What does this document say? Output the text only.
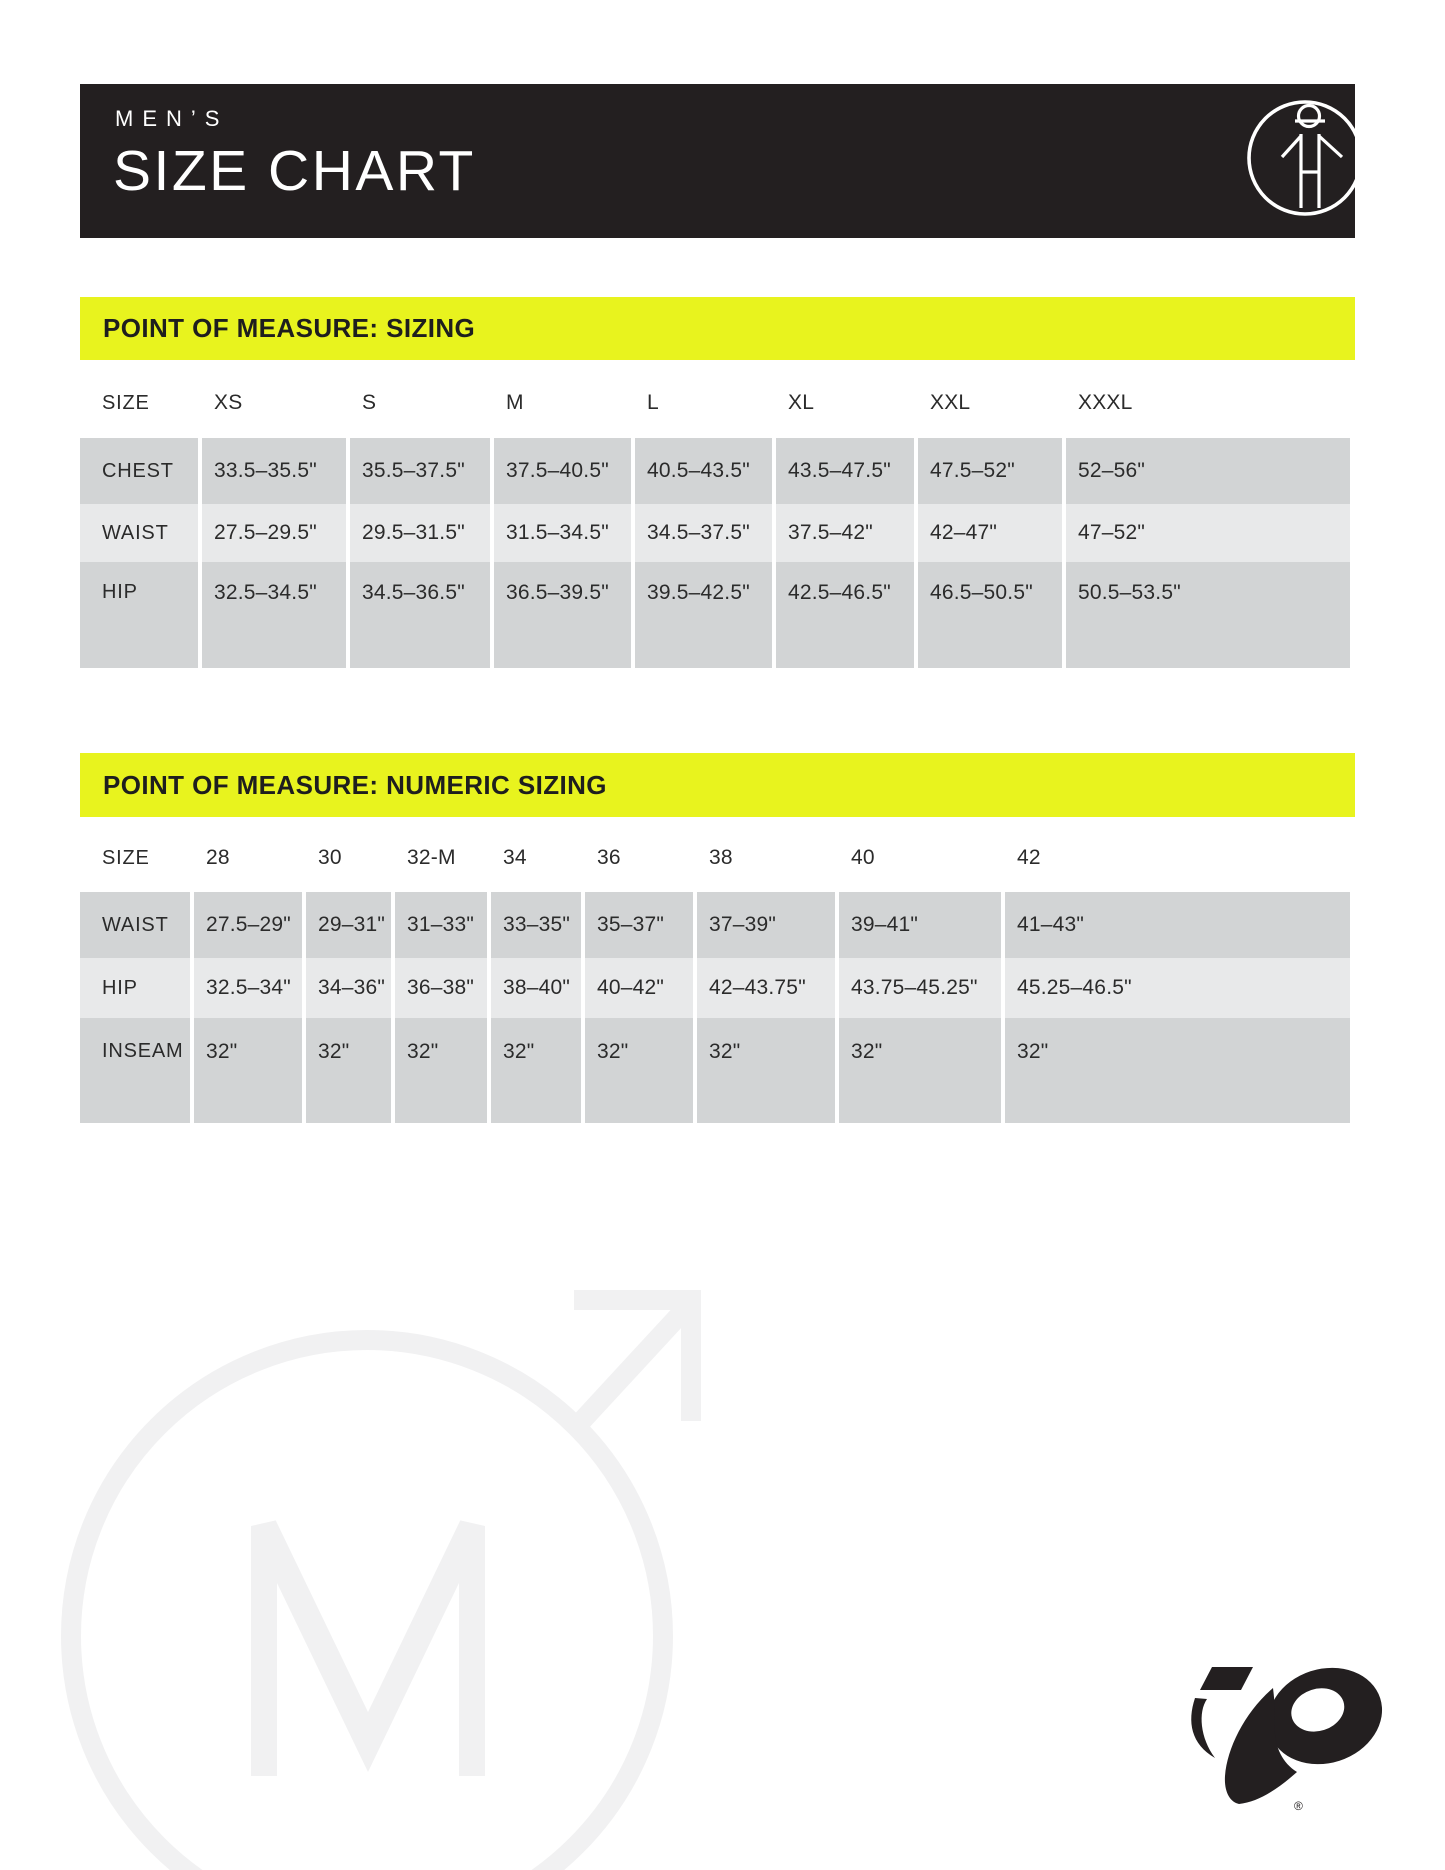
MEN’S
SIZE CHART
POINT OF MEASURE: SIZING
SIZE	XS	S	M	L	XL	XXL	XXXL
CHEST	33.5–35.5"	35.5–37.5"	37.5–40.5"	40.5–43.5"	43.5–47.5"	47.5–52"	52–56"
WAIST	27.5–29.5"	29.5–31.5"	31.5–34.5"	34.5–37.5"	37.5–42"	42–47"	47–52"
HIP	32.5–34.5"	34.5–36.5"	36.5–39.5"	39.5–42.5"	42.5–46.5"	46.5–50.5"	50.5–53.5"
POINT OF MEASURE: NUMERIC SIZING
SIZE	28	30	32-M	34	36	38	40	42
WAIST	27.5–29"	29–31"	31–33"	33–35"	35–37"	37–39"	39–41"	41–43"
HIP	32.5–34"	34–36"	36–38"	38–40"	40–42"	42–43.75"	43.75–45.25"	45.25–46.5"
INSEAM	32"	32"	32"	32"	32"	32"	32"	32"
®
